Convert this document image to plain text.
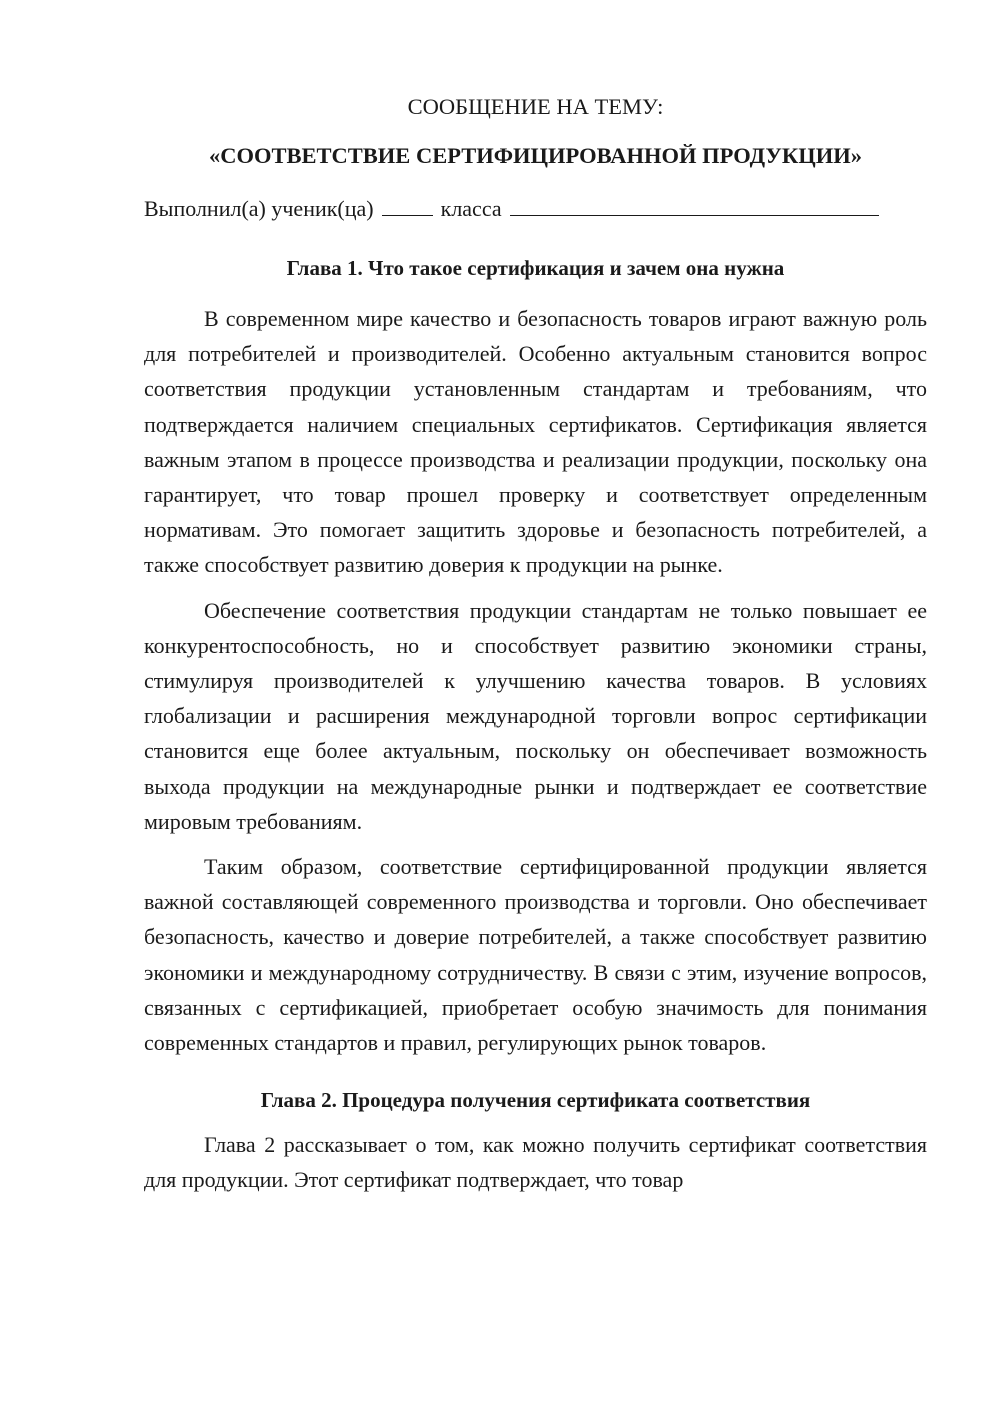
СООБЩЕНИЕ НА ТЕМУ:
«СООТВЕТСТВИЕ СЕРТИФИЦИРОВАННОЙ ПРОДУКЦИИ»
Выполнил(а) ученик(ца)	класса
Глава 1. Что такое сертификация и зачем она нужна

В современном мире качество и безопасность товаров играют важную роль для потребителей и производителей. Особенно актуальным становится вопрос соответствия продукции установленным стандартам и требованиям, что подтверждается наличием специальных сертификатов. Сертификация является важным этапом в процессе производства и реализации продукции, поскольку она гарантирует, что товар прошел проверку и соответствует определенным нормативам. Это помогает защитить здоровье и безопасность потребителей, а также способствует развитию доверия к продукции на рынке.

Обеспечение соответствия продукции стандартам не только повышает ее конкурентоспособность, но и способствует развитию экономики страны, стимулируя производителей к улучшению качества товаров. В условиях глобализации и расширения международной торговли вопрос сертификации становится еще более актуальным, поскольку он обеспечивает возможность выхода продукции на международные рынки и подтверждает ее соответствие мировым требованиям.

Таким образом, соответствие сертифицированной продукции является важной составляющей современного производства и торговли. Оно обеспечивает безопасность, качество и доверие потребителей, а также способствует развитию экономики и международному сотрудничеству. В связи с этим, изучение вопросов, связанных с сертификацией, приобретает особую значимость для понимания современных стандартов и правил, регулирующих рынок товаров.

Глава 2. Процедура получения сертификата соответствия

Глава 2 рассказывает о том, как можно получить сертификат соответствия для продукции. Этот сертификат подтверждает, что товар
